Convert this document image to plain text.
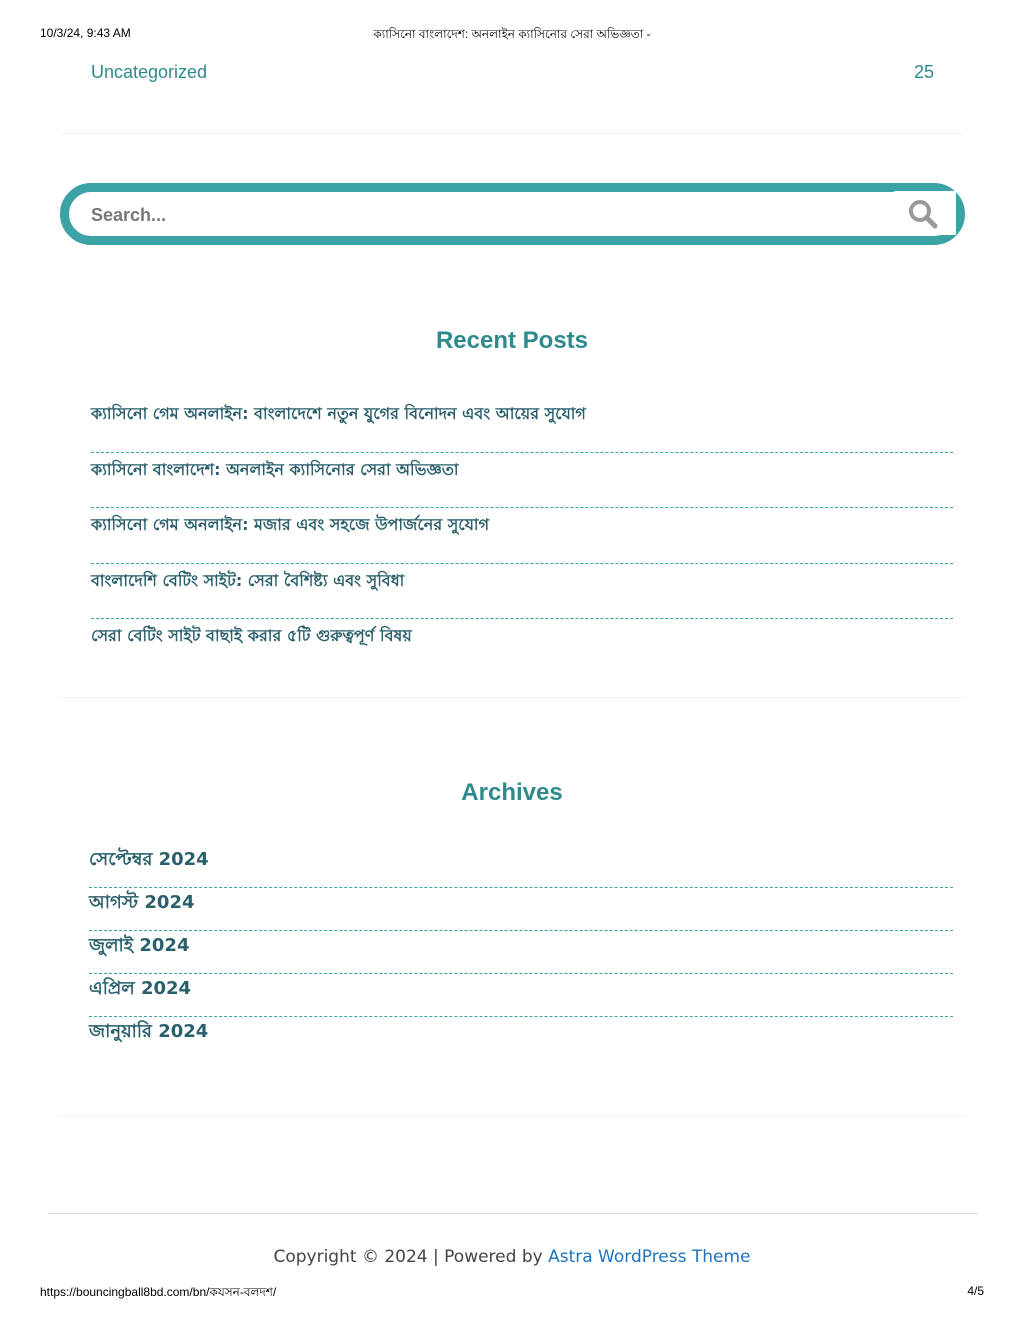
10/3/24, 9:43 AM	ক্যাসিনো বাংলাদেশ: অনলাইন ক্যাসিনোর সেরা অভিজ্ঞতা -
Uncategorized	25
Search...
Recent Posts
ক্যাসিনো গেম অনলাইন: বাংলাদেশে নতুন যুগের বিনোদন এবং আয়ের সুযোগ
ক্যাসিনো বাংলাদেশ: অনলাইন ক্যাসিনোর সেরা অভিজ্ঞতা
ক্যাসিনো গেম অনলাইন: মজার এবং সহজে উপার্জনের সুযোগ
বাংলাদেশি বেটিং সাইট: সেরা বৈশিষ্ট্য এবং সুবিধা
সেরা বেটিং সাইট বাছাই করার ৫টি গুরুত্বপূর্ণ বিষয়
Archives
সেপ্টেম্বর 2024
আগস্ট 2024
জুলাই 2024
এপ্রিল 2024
জানুয়ারি 2024
Copyright © 2024 | Powered by Astra WordPress Theme
https://bouncingball8bd.com/bn/কযসন-বলদশ/	4/5
